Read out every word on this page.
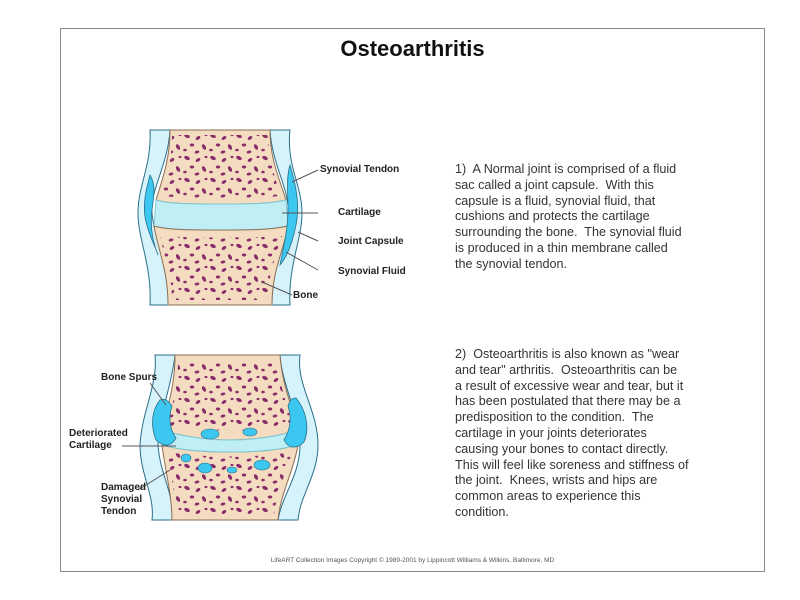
Osteoarthritis
Synovial Tendon
Cartilage
Joint Capsule
Synovial Fluid
Bone
Bone Spurs
Deteriorated
Cartilage
Damaged
Synovial
Tendon

1)  A Normal joint is comprised of a fluid
sac called a joint capsule.  With this
capsule is a fluid, synovial fluid, that
cushions and protects the cartilage
surrounding the bone.  The synovial fluid
is produced in a thin membrane called
the synovial tendon.

2)  Osteoarthritis is also known as "wear
and tear" arthritis.  Osteoarthritis can be
a result of excessive wear and tear, but it
has been postulated that there may be a
predisposition to the condition.  The
cartilage in your joints deteriorates
causing your bones to contact directly.
This will feel like soreness and stiffness of
the joint.  Knees, wrists and hips are
common areas to experience this
condition.

LifeART Collection Images Copyright © 1989-2001 by Lippincott Williams & Wilkins, Baltimore, MD
